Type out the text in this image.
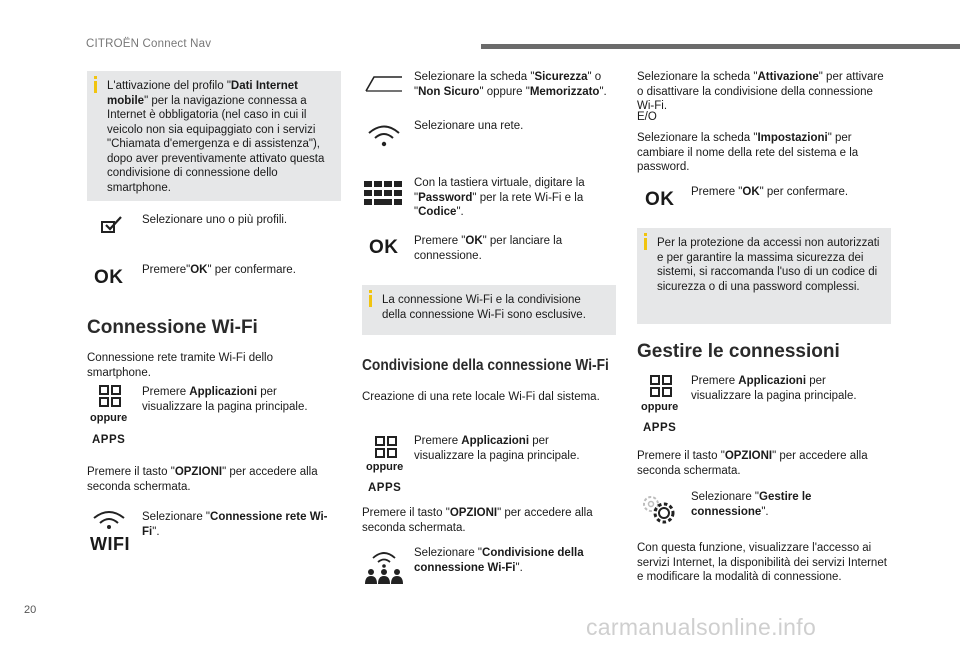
CITROËN Connect Nav
L'attivazione del profilo "Dati Internet mobile" per la navigazione connessa a Internet è obbligatoria (nel caso in cui il veicolo non sia equipaggiato con i servizi "Chiamata d'emergenza e di assistenza"), dopo aver preventivamente attivato questa condivisione di connessione dello smartphone.
Selezionare uno o più profili.
OK Premere"OK" per confermare.
Connessione Wi-Fi
Connessione rete tramite Wi-Fi dello smartphone.
oppure
APPS
Premere Applicazioni per visualizzare la pagina principale.
Premere il tasto "OPZIONI" per accedere alla seconda schermata.
WIFI
Selezionare "Connessione rete Wi-Fi".
Selezionare la scheda "Sicurezza" o "Non Sicuro" oppure "Memorizzato".
Selezionare una rete.
Con la tastiera virtuale, digitare la "Password" per la rete Wi-Fi e la "Codice".
OK Premere "OK" per lanciare la connessione.
La connessione Wi-Fi e la condivisione della connessione Wi-Fi sono esclusive.
Condivisione della connessione Wi-Fi
Creazione di una rete locale Wi-Fi dal sistema.
oppure
APPS
Premere Applicazioni per visualizzare la pagina principale.
Premere il tasto "OPZIONI" per accedere alla seconda schermata.
Selezionare "Condivisione della connessione Wi-Fi".
Selezionare la scheda "Attivazione" per attivare o disattivare la condivisione della connessione Wi-Fi.
E/O
Selezionare la scheda "Impostazioni" per cambiare il nome della rete del sistema e la password.
OK Premere "OK" per confermare.
Per la protezione da accessi non autorizzati e per garantire la massima sicurezza dei sistemi, si raccomanda l'uso di un codice di sicurezza o di una password complessi.
Gestire le connessioni
oppure
APPS
Premere Applicazioni per visualizzare la pagina principale.
Premere il tasto "OPZIONI" per accedere alla seconda schermata.
Selezionare "Gestire le connessione".
Con questa funzione, visualizzare l'accesso ai servizi Internet, la disponibilità dei servizi Internet e modificare la modalità di connessione.
20
carmanualsonline.info
